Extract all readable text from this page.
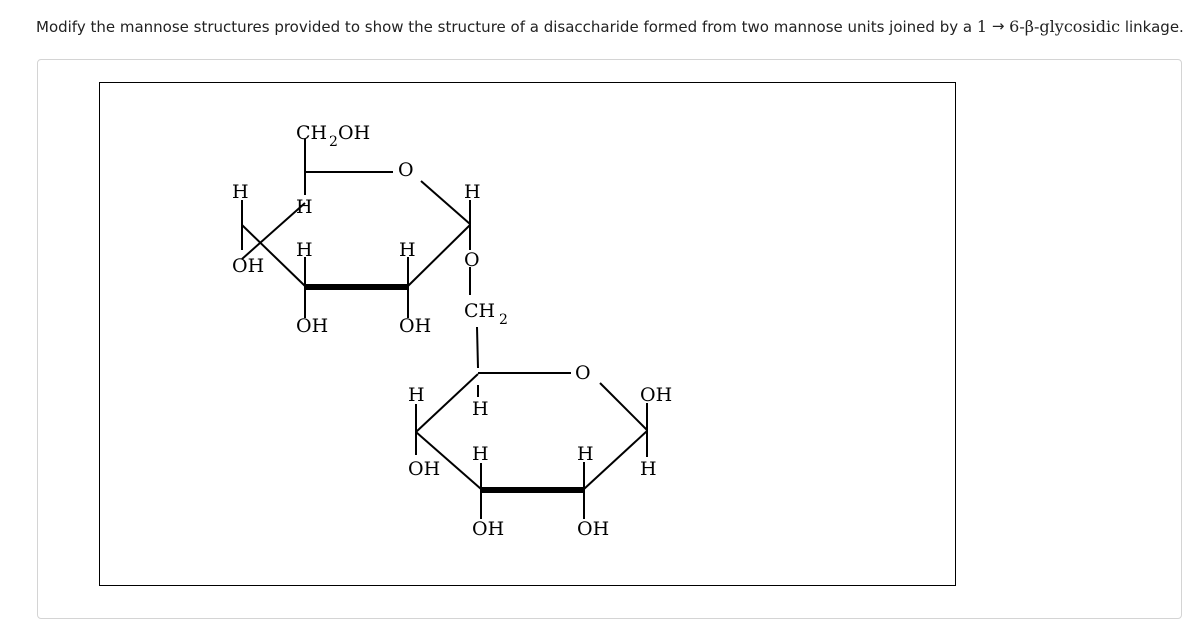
Modify the mannose structures provided to show the structure of a disaccharide formed from two mannose units joined by a 1 → 6-β-glycosidic linkage.
O
CH 2 OH
H
H
H
H	H
OH
OH	OH
O
CH 2
O
H
H
OH
H	H
OH	H
OH	OH
